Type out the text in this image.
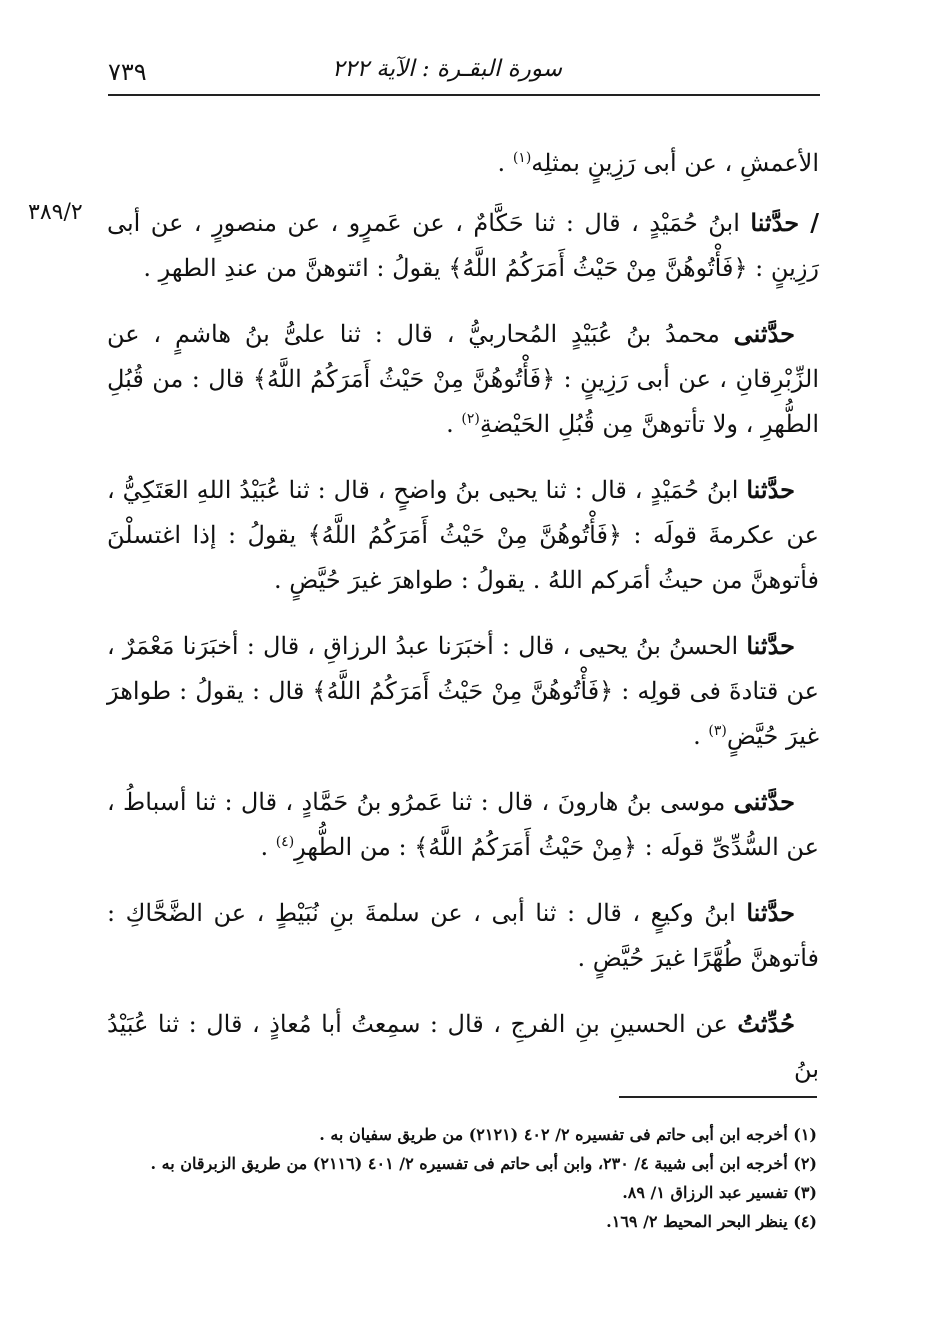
٧٣٩	سورة البقـرة : الآية ٢٢٢
٣٨٩/٢

الأعمشِ ، عن أبى رَزِينٍ بمثلِه$^{(١)}$ .

/ حدَّثنا ابنُ حُمَيْدٍ ، قال : ثنا حَكَّامٌ ، عن عَمرٍو ، عن منصورٍ ، عن أبى رَزِينٍ : ﴿فَأْتُوهُنَّ مِنْ حَيْثُ أَمَرَكُمُ اللَّهُ﴾ يقولُ : ائتوهنَّ من عندِ الطهرِ .

حدَّثنى محمدُ بنُ عُبَيْدٍ المُحاربيُّ ، قال : ثنا علىُّ بنُ هاشمٍ ، عن الزِّبْرِقانِ ، عن أبى رَزِينٍ : ﴿فَأْتُوهُنَّ مِنْ حَيْثُ أَمَرَكُمُ اللَّهُ﴾ قال : من قُبُلِ الطُّهرِ ، ولا تأتوهنَّ مِن قُبُلِ الحَيْضةِ$^{(٢)}$ .

حدَّثنا ابنُ حُمَيْدٍ ، قال : ثنا يحيى بنُ واضحٍ ، قال : ثنا عُبَيْدُ اللهِ العَتَكِيُّ ، عن عكرمةَ قولَه : ﴿فَأْتُوهُنَّ مِنْ حَيْثُ أَمَرَكُمُ اللَّهُ﴾ يقولُ : إذا اغتسلْنَ فأتوهنَّ من حيثُ أمَركم اللهُ . يقولُ : طواهرَ غيرَ حُيَّضٍ .

حدَّثنا الحسنُ بنُ يحيى ، قال : أخبَرَنا عبدُ الرزاقِ ، قال : أخبَرَنا مَعْمَرٌ ، عن قتادةَ فى قولِه : ﴿فَأْتُوهُنَّ مِنْ حَيْثُ أَمَرَكُمُ اللَّهُ﴾ قال : يقولُ : طواهرَ غيرَ حُيَّضٍ$^{(٣)}$ .

حدَّثنى موسى بنُ هارونَ ، قال : ثنا عَمرُو بنُ حَمَّادٍ ، قال : ثنا أسباطُ ، عن السُّدِّىِّ قولَه : ﴿مِنْ حَيْثُ أَمَرَكُمُ اللَّهُ﴾ : من الطُّهرِ$^{(٤)}$ .

حدَّثنا ابنُ وكيعٍ ، قال : ثنا أبى ، عن سلمةَ بنِ نُبَيْطٍ ، عن الضَّحَّاكِ : فأتوهنَّ طُهَّرًا غيرَ حُيَّضٍ .

حُدِّثتُ عن الحسينِ بنِ الفرجِ ، قال : سمِعتُ أبا مُعاذٍ ، قال : ثنا عُبَيْدُ بنُ

(١) أخرجه ابن أبى حاتم فى تفسيره ٢/ ٤٠٢ (٢١٢١) من طريق سفيان به .

(٢) أخرجه ابن أبى شيبة ٤/ ٢٣٠، وابن أبى حاتم فى تفسيره ٢/ ٤٠١ (٢١١٦) من طريق الزبرقان به .

(٣) تفسير عبد الرزاق ١/ ٨٩.

(٤) ينظر البحر المحيط ٢/ ١٦٩.
